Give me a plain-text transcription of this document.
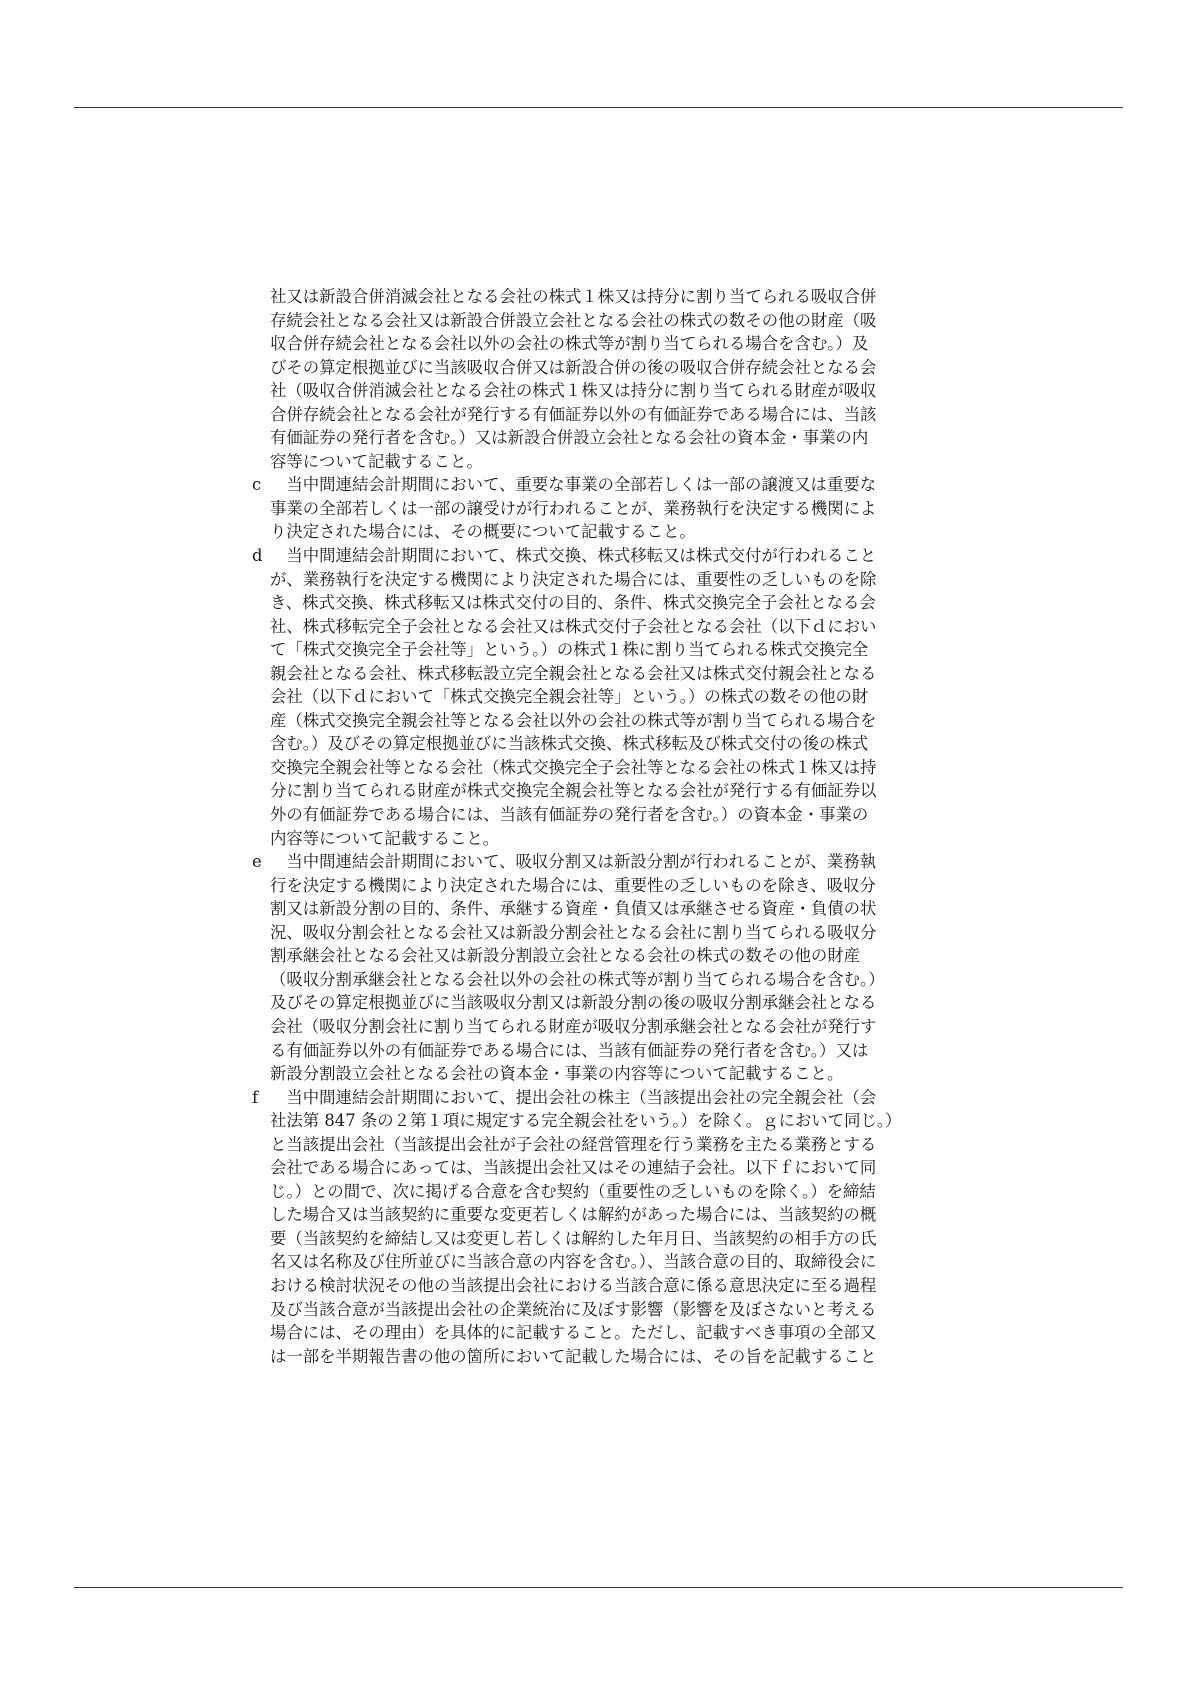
社又は新設合併消滅会社となる会社の株式１株又は持分に割り当てられる吸収合併
存続会社となる会社又は新設合併設立会社となる会社の株式の数その他の財産（吸
収合併存続会社となる会社以外の会社の株式等が割り当てられる場合を含む。）及
びその算定根拠並びに当該吸収合併又は新設合併の後の吸収合併存続会社となる会
社（吸収合併消滅会社となる会社の株式１株又は持分に割り当てられる財産が吸収
合併存続会社となる会社が発行する有価証券以外の有価証券である場合には、当該
有価証券の発行者を含む。）又は新設合併設立会社となる会社の資本金・事業の内
容等について記載すること。
c　当中間連結会計期間において、重要な事業の全部若しくは一部の譲渡又は重要な
事業の全部若しくは一部の譲受けが行われることが、業務執行を決定する機関によ
り決定された場合には、その概要について記載すること。
d　当中間連結会計期間において、株式交換、株式移転又は株式交付が行われること
が、業務執行を決定する機関により決定された場合には、重要性の乏しいものを除
き、株式交換、株式移転又は株式交付の目的、条件、株式交換完全子会社となる会
社、株式移転完全子会社となる会社又は株式交付子会社となる会社（以下ｄにおい
て「株式交換完全子会社等」という。）の株式１株に割り当てられる株式交換完全
親会社となる会社、株式移転設立完全親会社となる会社又は株式交付親会社となる
会社（以下ｄにおいて「株式交換完全親会社等」という。）の株式の数その他の財
産（株式交換完全親会社等となる会社以外の会社の株式等が割り当てられる場合を
含む。）及びその算定根拠並びに当該株式交換、株式移転及び株式交付の後の株式
交換完全親会社等となる会社（株式交換完全子会社等となる会社の株式１株又は持
分に割り当てられる財産が株式交換完全親会社等となる会社が発行する有価証券以
外の有価証券である場合には、当該有価証券の発行者を含む。）の資本金・事業の
内容等について記載すること。
e　当中間連結会計期間において、吸収分割又は新設分割が行われることが、業務執
行を決定する機関により決定された場合には、重要性の乏しいものを除き、吸収分
割又は新設分割の目的、条件、承継する資産・負債又は承継させる資産・負債の状
況、吸収分割会社となる会社又は新設分割会社となる会社に割り当てられる吸収分
割承継会社となる会社又は新設分割設立会社となる会社の株式の数その他の財産
（吸収分割承継会社となる会社以外の会社の株式等が割り当てられる場合を含む。）
及びその算定根拠並びに当該吸収分割又は新設分割の後の吸収分割承継会社となる
会社（吸収分割会社に割り当てられる財産が吸収分割承継会社となる会社が発行す
る有価証券以外の有価証券である場合には、当該有価証券の発行者を含む。）又は
新設分割設立会社となる会社の資本金・事業の内容等について記載すること。
f　当中間連結会計期間において、提出会社の株主（当該提出会社の完全親会社（会
社法第 847 条の２第１項に規定する完全親会社をいう。）を除く。ｇにおいて同じ。）
と当該提出会社（当該提出会社が子会社の経営管理を行う業務を主たる業務とする
会社である場合にあっては、当該提出会社又はその連結子会社。以下ｆにおいて同
じ。）との間で、次に掲げる合意を含む契約（重要性の乏しいものを除く。）を締結
した場合又は当該契約に重要な変更若しくは解約があった場合には、当該契約の概
要（当該契約を締結し又は変更し若しくは解約した年月日、当該契約の相手方の氏
名又は名称及び住所並びに当該合意の内容を含む。）、当該合意の目的、取締役会に
おける検討状況その他の当該提出会社における当該合意に係る意思決定に至る過程
及び当該合意が当該提出会社の企業統治に及ぼす影響（影響を及ぼさないと考える
場合には、その理由）を具体的に記載すること。ただし、記載すべき事項の全部又
は一部を半期報告書の他の箇所において記載した場合には、その旨を記載すること
